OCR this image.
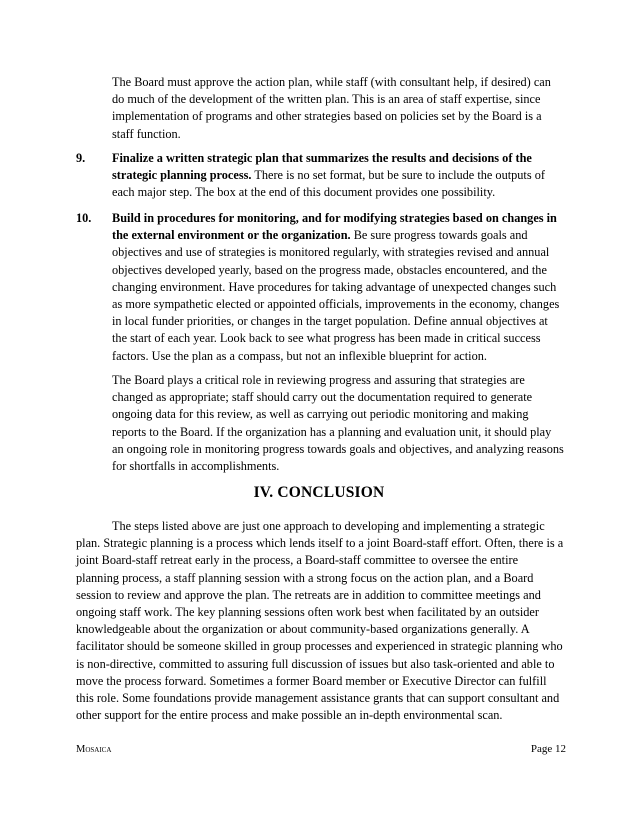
The Board must approve the action plan, while staff (with consultant help, if desired) can do much of the development of the written plan. This is an area of staff expertise, since implementation of programs and other strategies based on policies set by the Board is a staff function.
9. Finalize a written strategic plan that summarizes the results and decisions of the strategic planning process. There is no set format, but be sure to include the outputs of each major step. The box at the end of this document provides one possibility.
10. Build in procedures for monitoring, and for modifying strategies based on changes in the external environment or the organization. Be sure progress towards goals and objectives and use of strategies is monitored regularly, with strategies revised and annual objectives developed yearly, based on the progress made, obstacles encountered, and the changing environment. Have procedures for taking advantage of unexpected changes such as more sympathetic elected or appointed officials, improvements in the economy, changes in local funder priorities, or changes in the target population. Define annual objectives at the start of each year. Look back to see what progress has been made in critical success factors. Use the plan as a compass, but not an inflexible blueprint for action.
The Board plays a critical role in reviewing progress and assuring that strategies are changed as appropriate; staff should carry out the documentation required to generate ongoing data for this review, as well as carrying out periodic monitoring and making reports to the Board. If the organization has a planning and evaluation unit, it should play an ongoing role in monitoring progress towards goals and objectives, and analyzing reasons for shortfalls in accomplishments.
IV. CONCLUSION
The steps listed above are just one approach to developing and implementing a strategic plan. Strategic planning is a process which lends itself to a joint Board-staff effort. Often, there is a joint Board-staff retreat early in the process, a Board-staff committee to oversee the entire planning process, a staff planning session with a strong focus on the action plan, and a Board session to review and approve the plan. The retreats are in addition to committee meetings and ongoing staff work. The key planning sessions often work best when facilitated by an outsider knowledgeable about the organization or about community-based organizations generally. A facilitator should be someone skilled in group processes and experienced in strategic planning who is non-directive, committed to assuring full discussion of issues but also task-oriented and able to move the process forward. Sometimes a former Board member or Executive Director can fulfill this role. Some foundations provide management assistance grants that can support consultant and other support for the entire process and make possible an in-depth environmental scan.
Mosaica	Page 12
